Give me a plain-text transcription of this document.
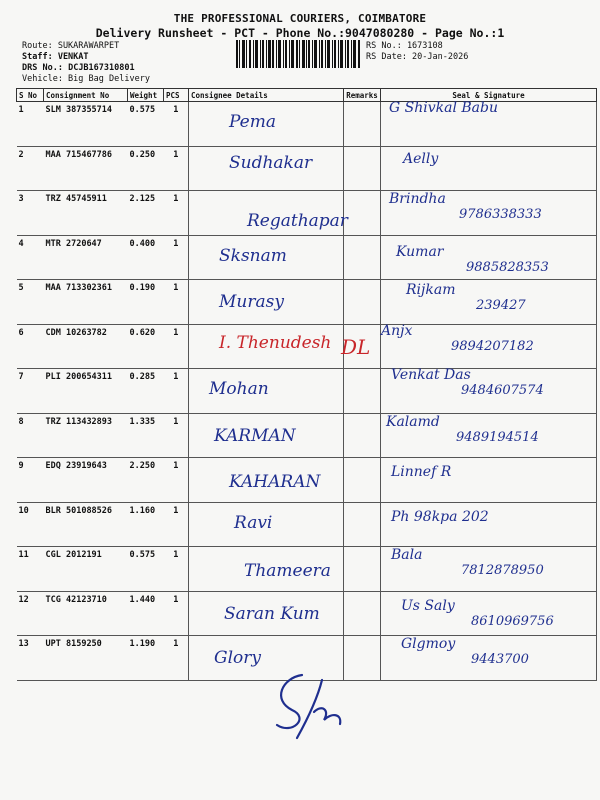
THE PROFESSIONAL COURIERS, COIMBATORE
Delivery Runsheet - PCT - Phone No.:9047080280 - Page No.:1
Route: SUKARAWARPET
Staff: VENKAT
DRS No.: DCJB167310801
Vehicle: Big Bag Delivery
RS No.: 1673108
RS Date: 20-Jan-2026
S No	Consignment No	Weight	PCS	Consignee Details	Remarks	Seal & Signature
1	SLM 387355714	0.575	1	Pema		G Shivkal Babu

2	MAA 715467786	0.250	1	Sudhakar		Aelly

3	TRZ 45745911	2.125	1	Regathapar		Brindha
9786338333

4	MTR 2720647	0.400	1	Sksnam		Kumar
9885828353

5	MAA 713302361	0.190	1	Murasy		Rijkam
239427

6	CDM 10263782	0.620	1	I. Thenudesh		Anjx
9894207182
DL

7	PLI 200654311	0.285	1	Mohan		Venkat Das
9484607574

8	TRZ 113432893	1.335	1	KARMAN		Kalamd
9489194514

9	EDQ 23919643	2.250	1	KAHARAN		Linnef R

10	BLR 501088526	1.160	1	Ravi		Ph 98kpa 202

11	CGL 2012191	0.575	1	Thameera		Bala
7812878950

12	TCG 42123710	1.440	1	Saran Kum		Us Saly
8610969756

13	UPT 8159250	1.190	1	Glory		Glgmoy
9443700
